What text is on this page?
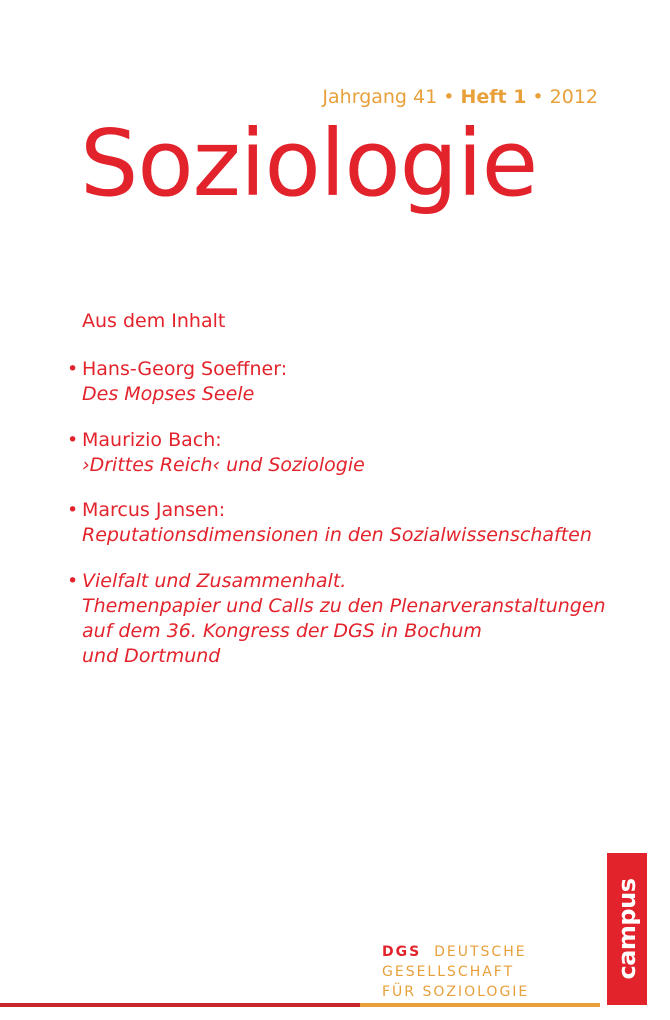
Jahrgang 41 • Heft 1 • 2012
Soziologie
Aus dem Inhalt
• Hans-Georg Soeffner:
Des Mopses Seele
• Maurizio Bach:
›Drittes Reich‹ und Soziologie
• Marcus Jansen:
Reputationsdimensionen in den Sozialwissenschaften
• Vielfalt und Zusammenhalt.
Themenpapier und Calls zu den Plenarveranstaltungen
auf dem 36. Kongress der DGS in Bochum
und Dortmund
DGS DEUTSCHE
GESELLSCHAFT
FÜR SOZIOLOGIE
campus
